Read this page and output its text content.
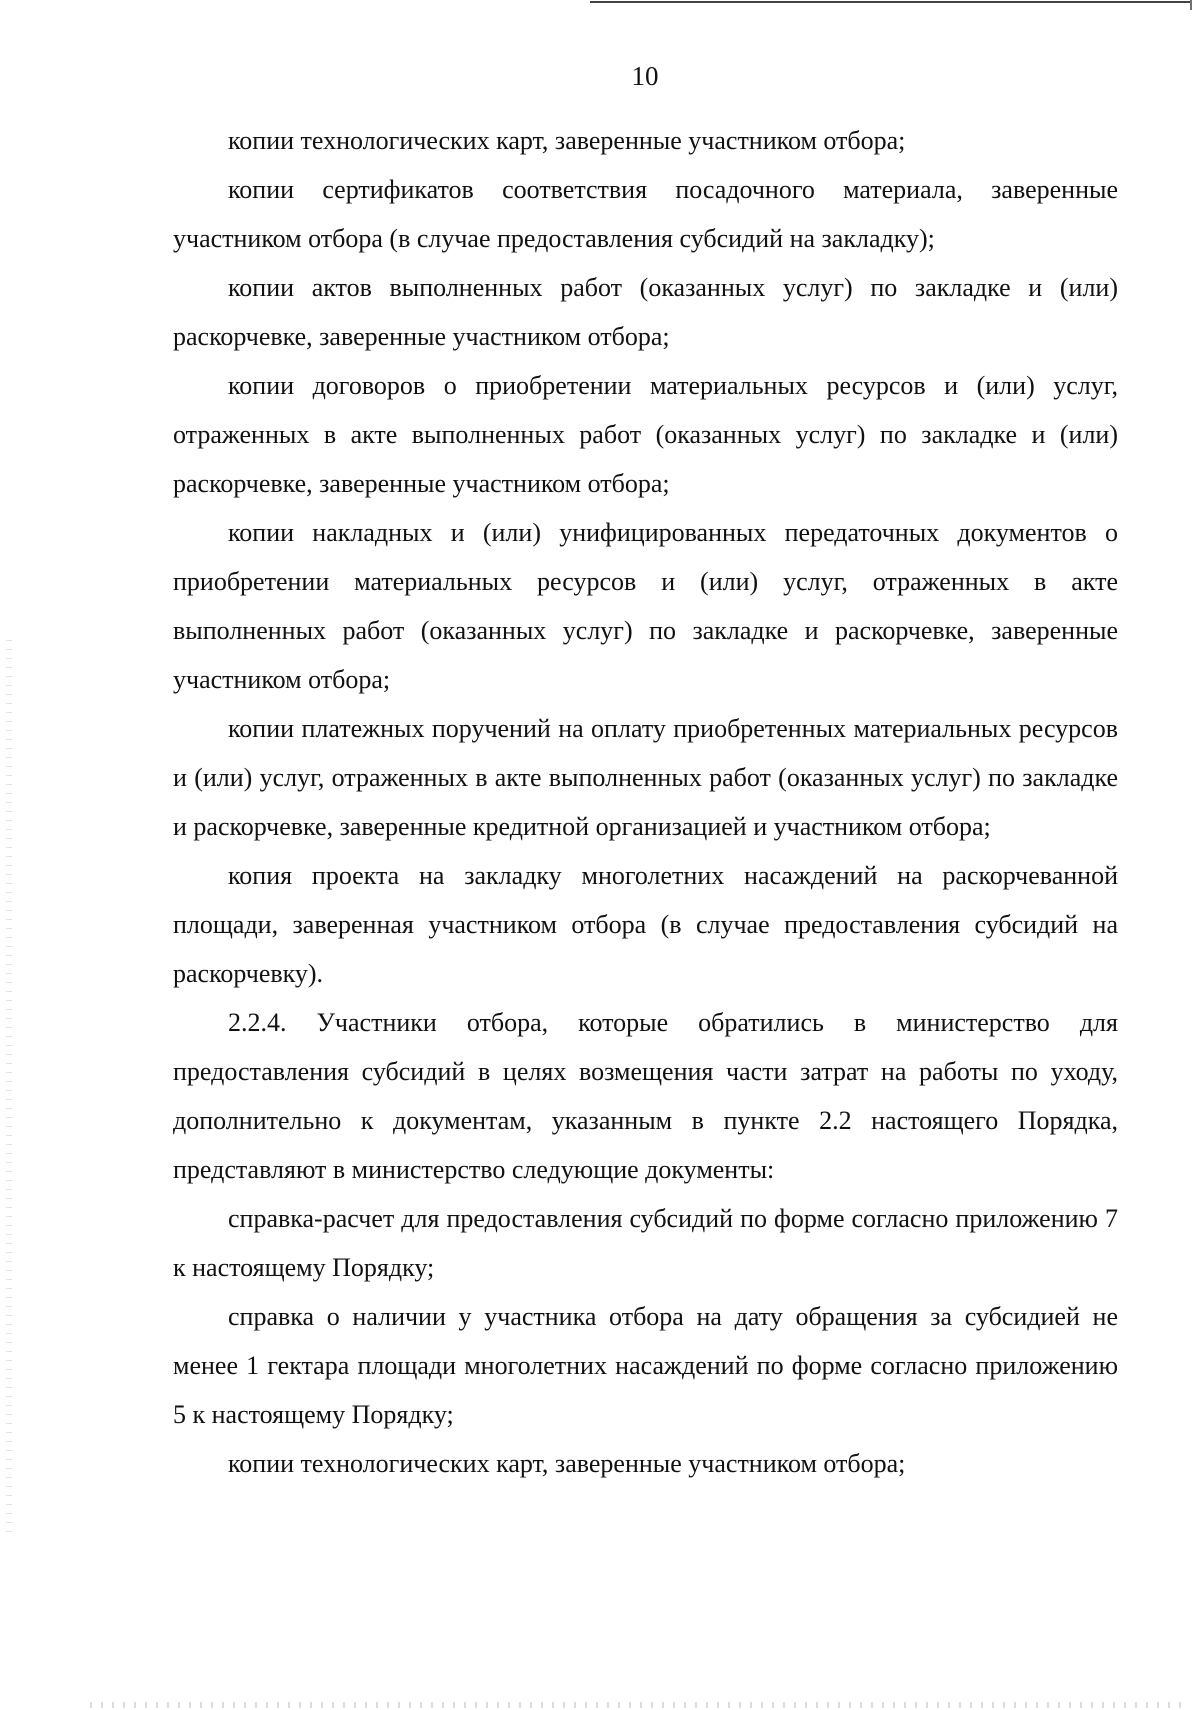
10

копии технологических карт, заверенные участником отбора;

копии сертификатов соответствия посадочного материала, заверенные участником отбора (в случае предоставления субсидий на закладку);

копии актов выполненных работ (оказанных услуг) по закладке и (или) раскорчевке, заверенные участником отбора;

копии договоров о приобретении материальных ресурсов и (или) услуг, отраженных в акте выполненных работ (оказанных услуг) по закладке и (или) раскорчевке, заверенные участником отбора;

копии накладных и (или) унифицированных передаточных документов о приобретении материальных ресурсов и (или) услуг, отраженных в акте выполненных работ (оказанных услуг) по закладке и раскорчевке, заверенные участником отбора;

копии платежных поручений на оплату приобретенных материальных ресурсов и (или) услуг, отраженных в акте выполненных работ (оказанных услуг) по закладке и раскорчевке, заверенные кредитной организацией и участником отбора;

копия проекта на закладку многолетних насаждений на раскорчеванной площади, заверенная участником отбора (в случае предоставления субсидий на раскорчевку).

2.2.4. Участники отбора, которые обратились в министерство для предоставления субсидий в целях возмещения части затрат на работы по уходу, дополнительно к документам, указанным в пункте 2.2 настоящего Порядка, представляют в министерство следующие документы:

справка-расчет для предоставления субсидий по форме согласно приложению 7 к настоящему Порядку;

справка о наличии у участника отбора на дату обращения за субсидией не менее 1 гектара площади многолетних насаждений по форме согласно приложению 5 к настоящему Порядку;

копии технологических карт, заверенные участником отбора;
